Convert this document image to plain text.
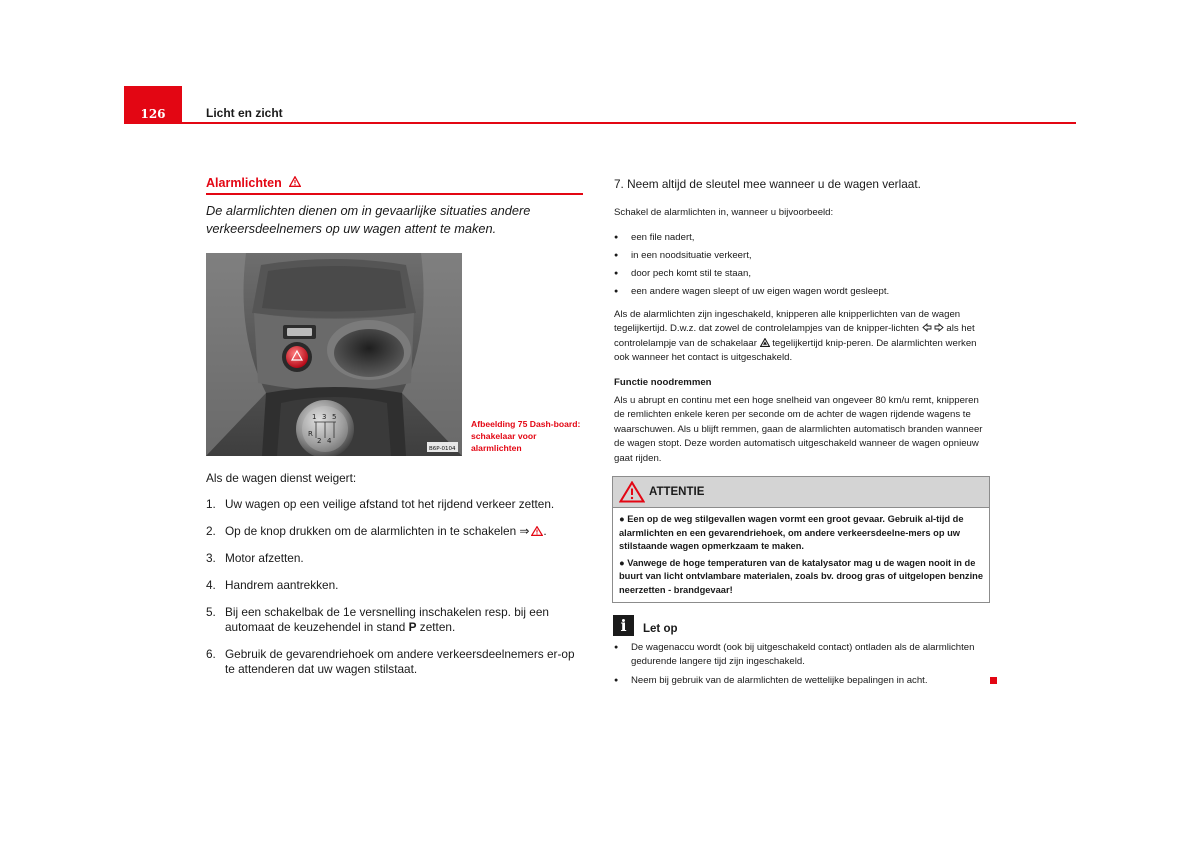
126	Licht en zicht
Alarmlichten
De alarmlichten dienen om in gevaarlijke situaties andere verkeersdeelnemers op uw wagen attent te maken.
1 3 5
R
2 4
B6P-0104
Afbeelding 75 Dash-board: schakelaar voor alarmlichten
Als de wagen dienst weigert:
1. Uw wagen op een veilige afstand tot het rijdend verkeer zetten.
2. Op de knop drukken om de alarmlichten in te schakelen ⇒ .
3. Motor afzetten.
4. Handrem aantrekken.
5. Bij een schakelbak de 1e versnelling inschakelen resp. bij een automaat de keuzehendel in stand P zetten.
6. Gebruik de gevarendriehoek om andere verkeersdeelnemers er-op te attenderen dat uw wagen stilstaat.
7. Neem altijd de sleutel mee wanneer u de wagen verlaat.
Schakel de alarmlichten in, wanneer u bijvoorbeeld:
● een file nadert,
● in een noodsituatie verkeert,
● door pech komt stil te staan,
● een andere wagen sleept of uw eigen wagen wordt gesleept.
Als de alarmlichten zijn ingeschakeld, knipperen alle knipperlichten van de wagen tegelijkertijd. D.w.z. dat zowel de controlelampjes van de knipper-lichten  als het controlelampje van de schakelaar  tegelijkertijd knip-peren. De alarmlichten werken ook wanneer het contact is uitgeschakeld.
Functie noodremmen
Als u abrupt en continu met een hoge snelheid van ongeveer 80 km/u remt, knipperen de remlichten enkele keren per seconde om de achter de wagen rijdende wagens te waarschuwen. Als u blijft remmen, gaan de alarmlichten automatisch branden wanneer de wagen stopt. Deze worden automatisch uitgeschakeld wanneer de wagen opnieuw gaat rijden.
ATTENTIE

● Een op de weg stilgevallen wagen vormt een groot gevaar. Gebruik al-tijd de alarmlichten en een gevarendriehoek, om andere verkeersdeelne-mers op uw stilstaande wagen opmerkzaam te maken.

● Vanwege de hoge temperaturen van de katalysator mag u de wagen nooit in de buurt van licht ontvlambare materialen, zoals bv. droog gras of uitgelopen benzine neerzetten - brandgevaar!

i	Let op
● De wagenaccu wordt (ook bij uitgeschakeld contact) ontladen als de alarmlichten gedurende langere tijd zijn ingeschakeld.
● Neem bij gebruik van de alarmlichten de wettelijke bepalingen in acht.
